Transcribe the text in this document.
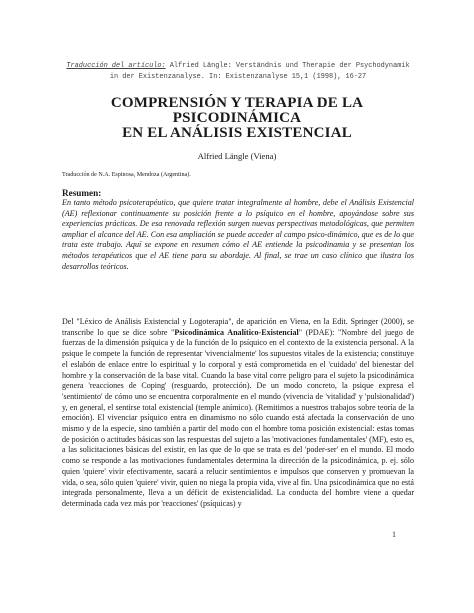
Traducción del artículo: Alfried Längle: Verständnis und Therapie der Psychodynamik in der Existenzanalyse. In: Existenzanalyse 15,1 (1998), 16-27
COMPRENSIÓN Y TERAPIA DE LA
PSICODINÁMICA
EN EL ANÁLISIS EXISTENCIAL
Alfried Längle (Viena)
Traducción de N.A. Espinosa, Mendoza (Argentina).
Resumen:

En tanto método psicoterapéutico, que quiere tratar integralmente al hombre, debe el Análisis Existencial (AE) reflexionar continuamente su posición frente a lo psíquico en el hombre, apoyándose sobre sus experiencias prácticas. De esa renovada reflexión surgen nuevas perspectivas metodológicas, que permiten ampliar el alcance del AE. Con esa ampliación se puede acceder al campo psico-dinámico, que es de lo que trata este trabajo. Aquí se expone en resumen cómo el AE entiende la psicodinamia y se presentan los métodos terapéuticos que el AE tiene para su abordaje. Al final, se trae un caso clínico que ilustra los desarrollos teóricos.

Del "Léxico de Análisis Existencial y Logoterapia", de aparición en Viena, en la Edit. Springer (2000), se transcribe lo que se dice sobre "Psicodinámica Analítico-Existencial" (PDAE): "Nombre del juego de fuerzas de la dimensión psíquica y de la función de lo psíquico en el contexto de la existencia personal. A la psique le compete la función de representar 'vivencialmente' los supuestos vitales de la existencia; constituye el eslabón de enlace entre lo espiritual y lo corporal y está comprometida en el 'cuidado' del bienestar del hombre y la conservación de la base vital. Cuando la base vital corre peligro para el sujeto la psicodinámica genera 'reacciones de Coping' (resguardo, protección). De un modo concreto, la psique expresa el 'sentimiento' de cómo uno se encuentra corporalmente en el mundo (vivencia de 'vitalidad' y 'pulsionalidad') y, en general, el sentirse total existencial (temple anímico). (Remitimos a nuestros trabajos sobre teoría de la emoción). El vivenciar psíquico entra en dinamismo no sólo cuando está afectada la conservación de uno mismo y de la especie, sino también a partir del modo con el hombre toma posición existencial: estas tomas de posición o actitudes básicas son las respuestas del sujeto a las 'motivaciones fundamentales' (MF), esto es, a las solicitaciones básicas del existir, en las que de lo que se trata es del 'poder-ser' en el mundo. El modo como se responde a las motivaciones fundamentales determina la dirección de la psicodinámica, p. ej. sólo quien 'quiere' vivir efectivamente, sacará a relucir sentimientos e impulsos que conserven y promuevan la vida, o sea, sólo quien 'quiere' vivir, quien no niega la propia vida, vive al fin. Una psicodinámica que no está integrada personalmente, lleva a un déficit de existencialidad. La conducta del hombre viene a quedar determinada cada vez más por 'reacciones' (psíquicas) y

1
